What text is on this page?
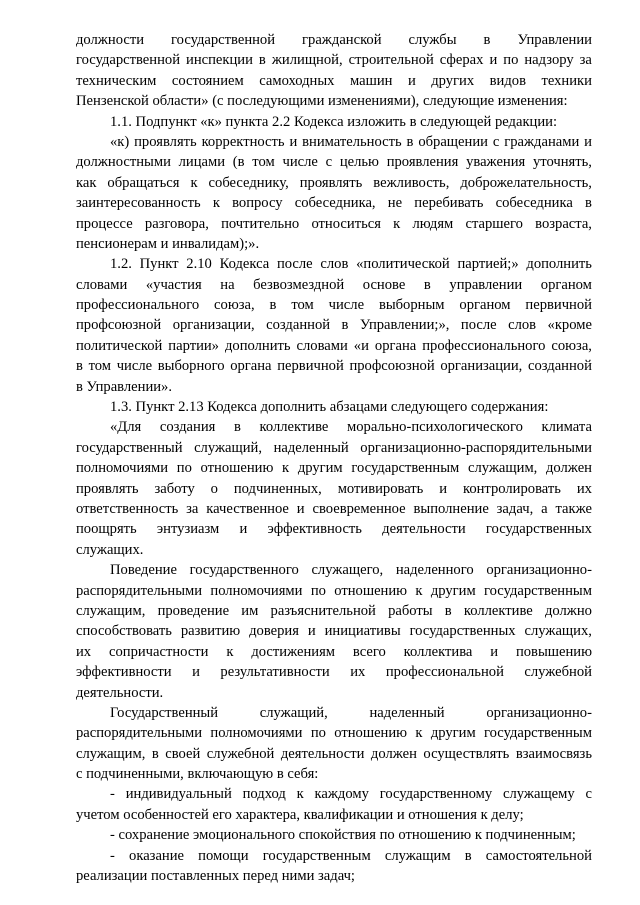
должности государственной гражданской службы в Управлении
государственной инспекции в жилищной, строительной сферах и по надзору за
техническим состоянием самоходных машин и других видов техники
Пензенской области» (с последующими изменениями), следующие изменения:
1.1. Подпункт «к» пункта 2.2 Кодекса изложить в следующей редакции:
«к) проявлять корректность и внимательность в обращении с гражданами и
должностными лицами (в том числе с целью проявления уважения уточнять,
как обращаться к собеседнику, проявлять вежливость, доброжелательность,
заинтересованность к вопросу собеседника, не перебивать собеседника в
процессе разговора, почтительно относиться к людям старшего возраста,
пенсионерам и инвалидам);».
1.2. Пункт 2.10 Кодекса после слов «политической партией;» дополнить
словами «участия на безвозмездной основе в управлении органом
профессионального союза, в том числе выборным органом первичной
профсоюзной организации, созданной в Управлении;», после слов «кроме
политической партии» дополнить словами «и органа профессионального союза,
в том числе выборного органа первичной профсоюзной организации, созданной
в Управлении».
1.3. Пункт 2.13 Кодекса дополнить абзацами следующего содержания:
«Для создания в коллективе морально-психологического климата
государственный служащий, наделенный организационно-распорядительными
полномочиями по отношению к другим государственным служащим, должен
проявлять заботу о подчиненных, мотивировать и контролировать их
ответственность за качественное и своевременное выполнение задач, а также
поощрять энтузиазм и эффективность деятельности государственных
служащих.
Поведение государственного служащего, наделенного организационно-
распорядительными полномочиями по отношению к другим государственным
служащим, проведение им разъяснительной работы в коллективе должно
способствовать развитию доверия и инициативы государственных служащих,
их сопричастности к достижениям всего коллектива и повышению
эффективности и результативности их профессиональной служебной
деятельности.
Государственный	служащий,	наделенный	организационно-
распорядительными полномочиями по отношению к другим государственным
служащим, в своей служебной деятельности должен осуществлять взаимосвязь
с подчиненными, включающую в себя:
- индивидуальный подход к каждому государственному служащему с
учетом особенностей его характера, квалификации и отношения к делу;
- сохранение эмоционального спокойствия по отношению к подчиненным;
- оказание помощи государственным служащим в самостоятельной
реализации поставленных перед ними задач;
